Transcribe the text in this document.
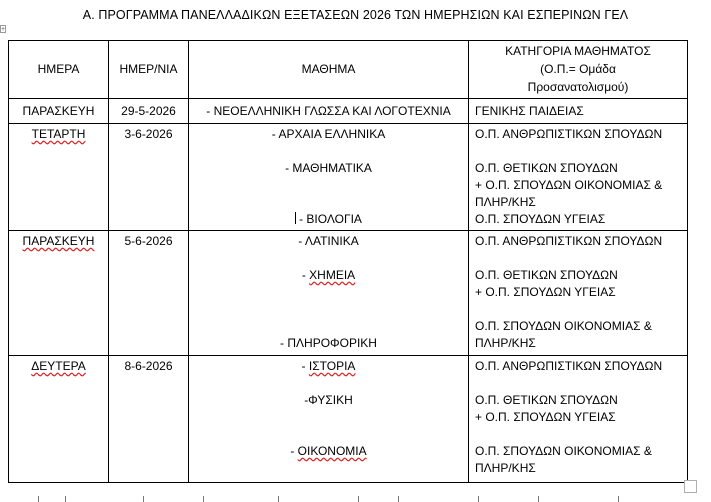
Α. ΠΡΟΓΡΑΜΜΑ ΠΑΝΕΛΛΑΔΙΚΩΝ ΕΞΕΤΑΣΕΩΝ 2026 ΤΩΝ ΗΜΕΡΗΣΙΩΝ ΚΑΙ ΕΣΠΕΡΙΝΩΝ ΓΕΛ
+
ΗΜΕΡΑ	ΗΜΕΡ/ΝΙΑ	ΜΑΘΗΜΑ	ΚΑΤΗΓΟΡΙΑ ΜΑΘΗΜΑΤΟΣ
(Ο.Π.= Ομάδα
Προσανατολισμού)

ΠΑΡΑΣΚΕΥΗ	29-5-2026	- ΝΕΟΕΛΛΗΝΙΚΗ ΓΛΩΣΣΑ ΚΑΙ ΛΟΓΟΤΕΧΝΙΑ	ΓΕΝΙΚΗΣ ΠΑΙΔΕΙΑΣ
ΤΕΤΑΡΤΗ	3-6-2026	- ΑΡΧΑΙΑ ΕΛΛΗΝΙΚΑ
- ΜΑΘΗΜΑΤΙΚΑ
- ΒΙΟΛΟΓΙΑ	Ο.Π. ΑΝΘΡΩΠΙΣΤΙΚΩΝ ΣΠΟΥΔΩΝ
Ο.Π. ΘΕΤΙΚΩΝ ΣΠΟΥΔΩΝ
+ Ο.Π. ΣΠΟΥΔΩΝ ΟΙΚΟΝΟΜΙΑΣ &
ΠΛΗΡ/ΚΗΣ
Ο.Π. ΣΠΟΥΔΩΝ ΥΓΕΙΑΣ

ΠΑΡΑΣΚΕΥΗ	5-6-2026	- ΛΑΤΙΝΙΚΑ
- ΧΗΜΕΙΑ
- ΠΛΗΡΟΦΟΡΙΚΗ	Ο.Π. ΑΝΘΡΩΠΙΣΤΙΚΩΝ ΣΠΟΥΔΩΝ
Ο.Π. ΘΕΤΙΚΩΝ ΣΠΟΥΔΩΝ
+ Ο.Π. ΣΠΟΥΔΩΝ ΥΓΕΙΑΣ
Ο.Π. ΣΠΟΥΔΩΝ ΟΙΚΟΝΟΜΙΑΣ &
ΠΛΗΡ/ΚΗΣ

ΔΕΥΤΕΡΑ	8-6-2026	- ΙΣΤΟΡΙΑ
-ΦΥΣΙΚΗ
- ΟΙΚΟΝΟΜΙΑ	Ο.Π. ΑΝΘΡΩΠΙΣΤΙΚΩΝ ΣΠΟΥΔΩΝ
Ο.Π. ΘΕΤΙΚΩΝ ΣΠΟΥΔΩΝ
+ Ο.Π. ΣΠΟΥΔΩΝ ΥΓΕΙΑΣ
Ο.Π. ΣΠΟΥΔΩΝ ΟΙΚΟΝΟΜΙΑΣ &
ΠΛΗΡ/ΚΗΣ
